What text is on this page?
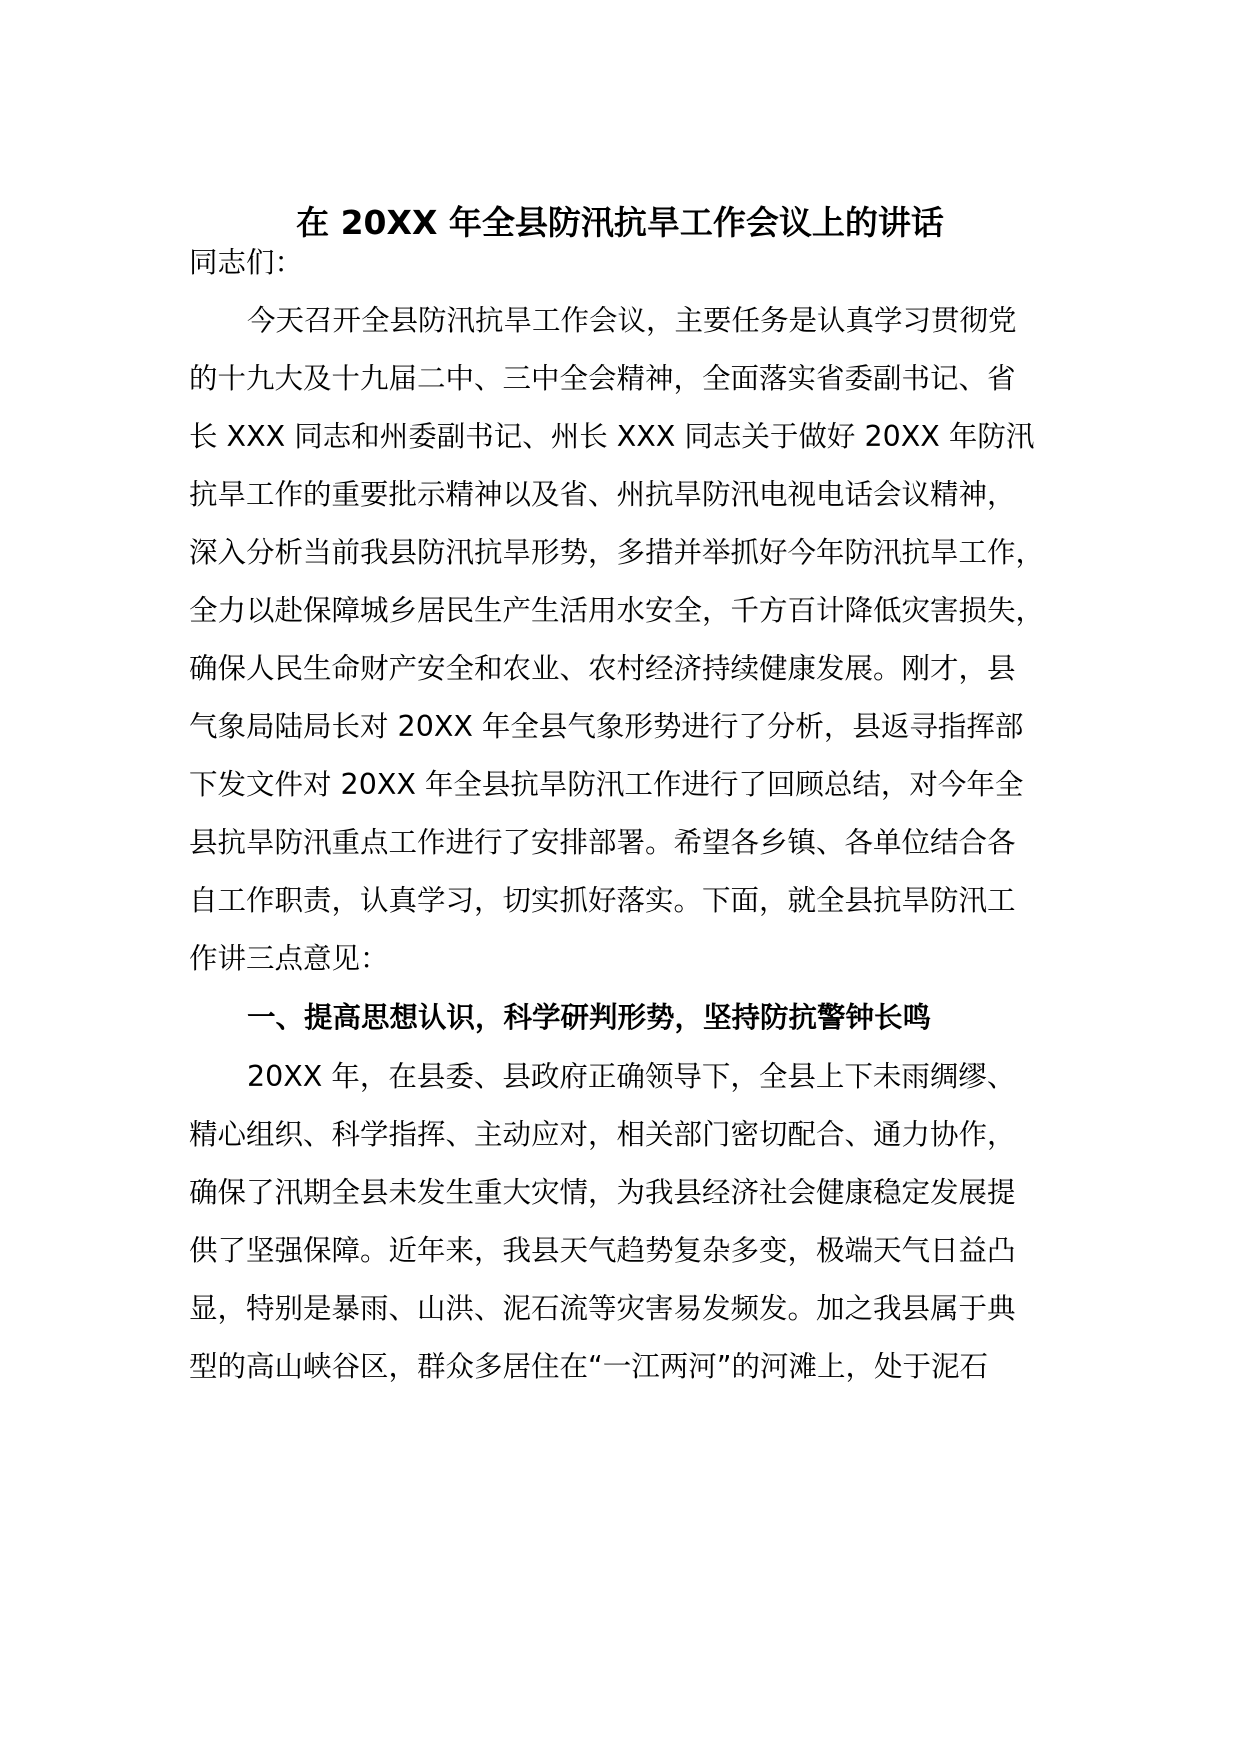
在 20XX 年全县防汛抗旱工作会议上的讲话
同志们：
今天召开全县防汛抗旱工作会议，主要任务是认真学习贯彻党
的十九大及十九届二中、三中全会精神，全面落实省委副书记、省
长 XXX 同志和州委副书记、州长 XXX 同志关于做好 20XX 年防汛
抗旱工作的重要批示精神以及省、州抗旱防汛电视电话会议精神，
深入分析当前我县防汛抗旱形势，多措并举抓好今年防汛抗旱工作，
全力以赴保障城乡居民生产生活用水安全，千方百计降低灾害损失，
确保人民生命财产安全和农业、农村经济持续健康发展。刚才，县
气象局陆局长对 20XX 年全县气象形势进行了分析，县返寻指挥部
下发文件对 20XX 年全县抗旱防汛工作进行了回顾总结，对今年全
县抗旱防汛重点工作进行了安排部署。希望各乡镇、各单位结合各
自工作职责，认真学习，切实抓好落实。下面，就全县抗旱防汛工
作讲三点意见：
一、提高思想认识，科学研判形势，坚持防抗警钟长鸣
20XX 年，在县委、县政府正确领导下，全县上下未雨绸缪、
精心组织、科学指挥、主动应对，相关部门密切配合、通力协作，
确保了汛期全县未发生重大灾情，为我县经济社会健康稳定发展提
供了坚强保障。近年来，我县天气趋势复杂多变，极端天气日益凸
显，特别是暴雨、山洪、泥石流等灾害易发频发。加之我县属于典
型的高山峡谷区，群众多居住在“一江两河”的河滩上，处于泥石
